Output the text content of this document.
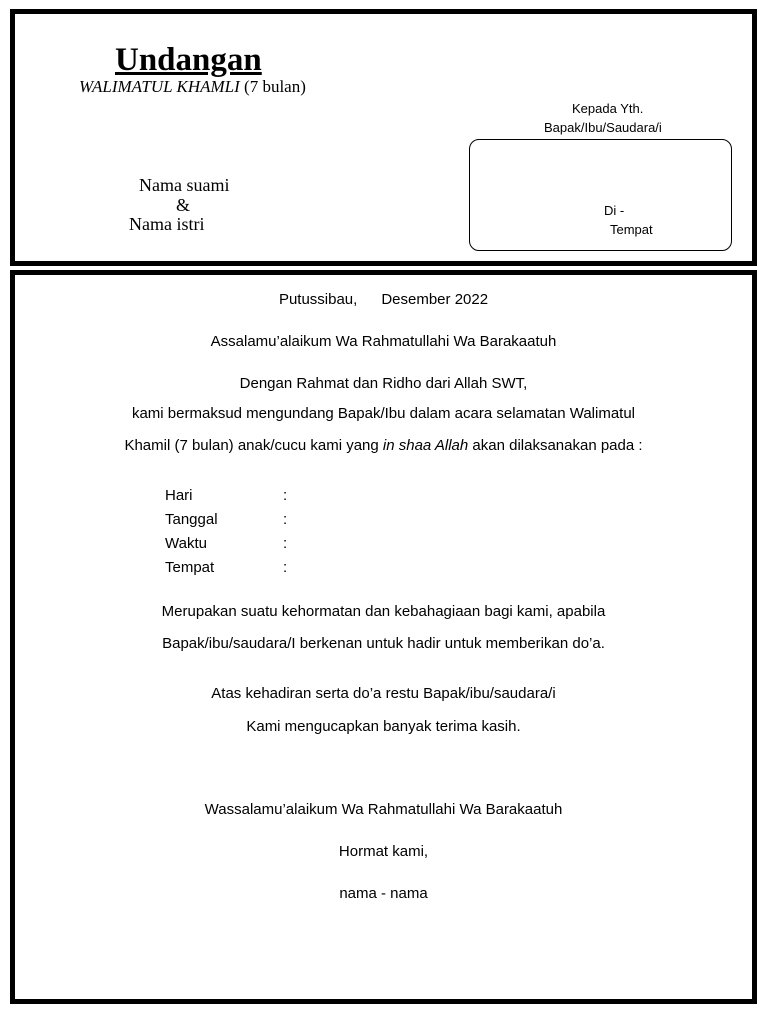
Undangan
WALIMATUL KHAMLI (7 bulan)
Nama suami
&
Nama istri
Kepada Yth.
Bapak/Ibu/Saudara/i
Di -
Tempat
Putussibau, Desember 2022
Assalamu’alaikum Wa Rahmatullahi Wa Barakaatuh
Dengan Rahmat dan Ridho dari Allah SWT,
kami bermaksud mengundang Bapak/Ibu dalam acara selamatan Walimatul
Khamil (7 bulan) anak/cucu kami yang in shaa Allah akan dilaksanakan pada :
Hari	:
Tanggal	:
Waktu	:
Tempat	:
Merupakan suatu kehormatan dan kebahagiaan bagi kami, apabila
Bapak/ibu/saudara/I berkenan untuk hadir untuk memberikan do’a.
Atas kehadiran serta do’a restu Bapak/ibu/saudara/i
Kami mengucapkan banyak terima kasih.
Wassalamu’alaikum Wa Rahmatullahi Wa Barakaatuh
Hormat kami,
nama - nama
